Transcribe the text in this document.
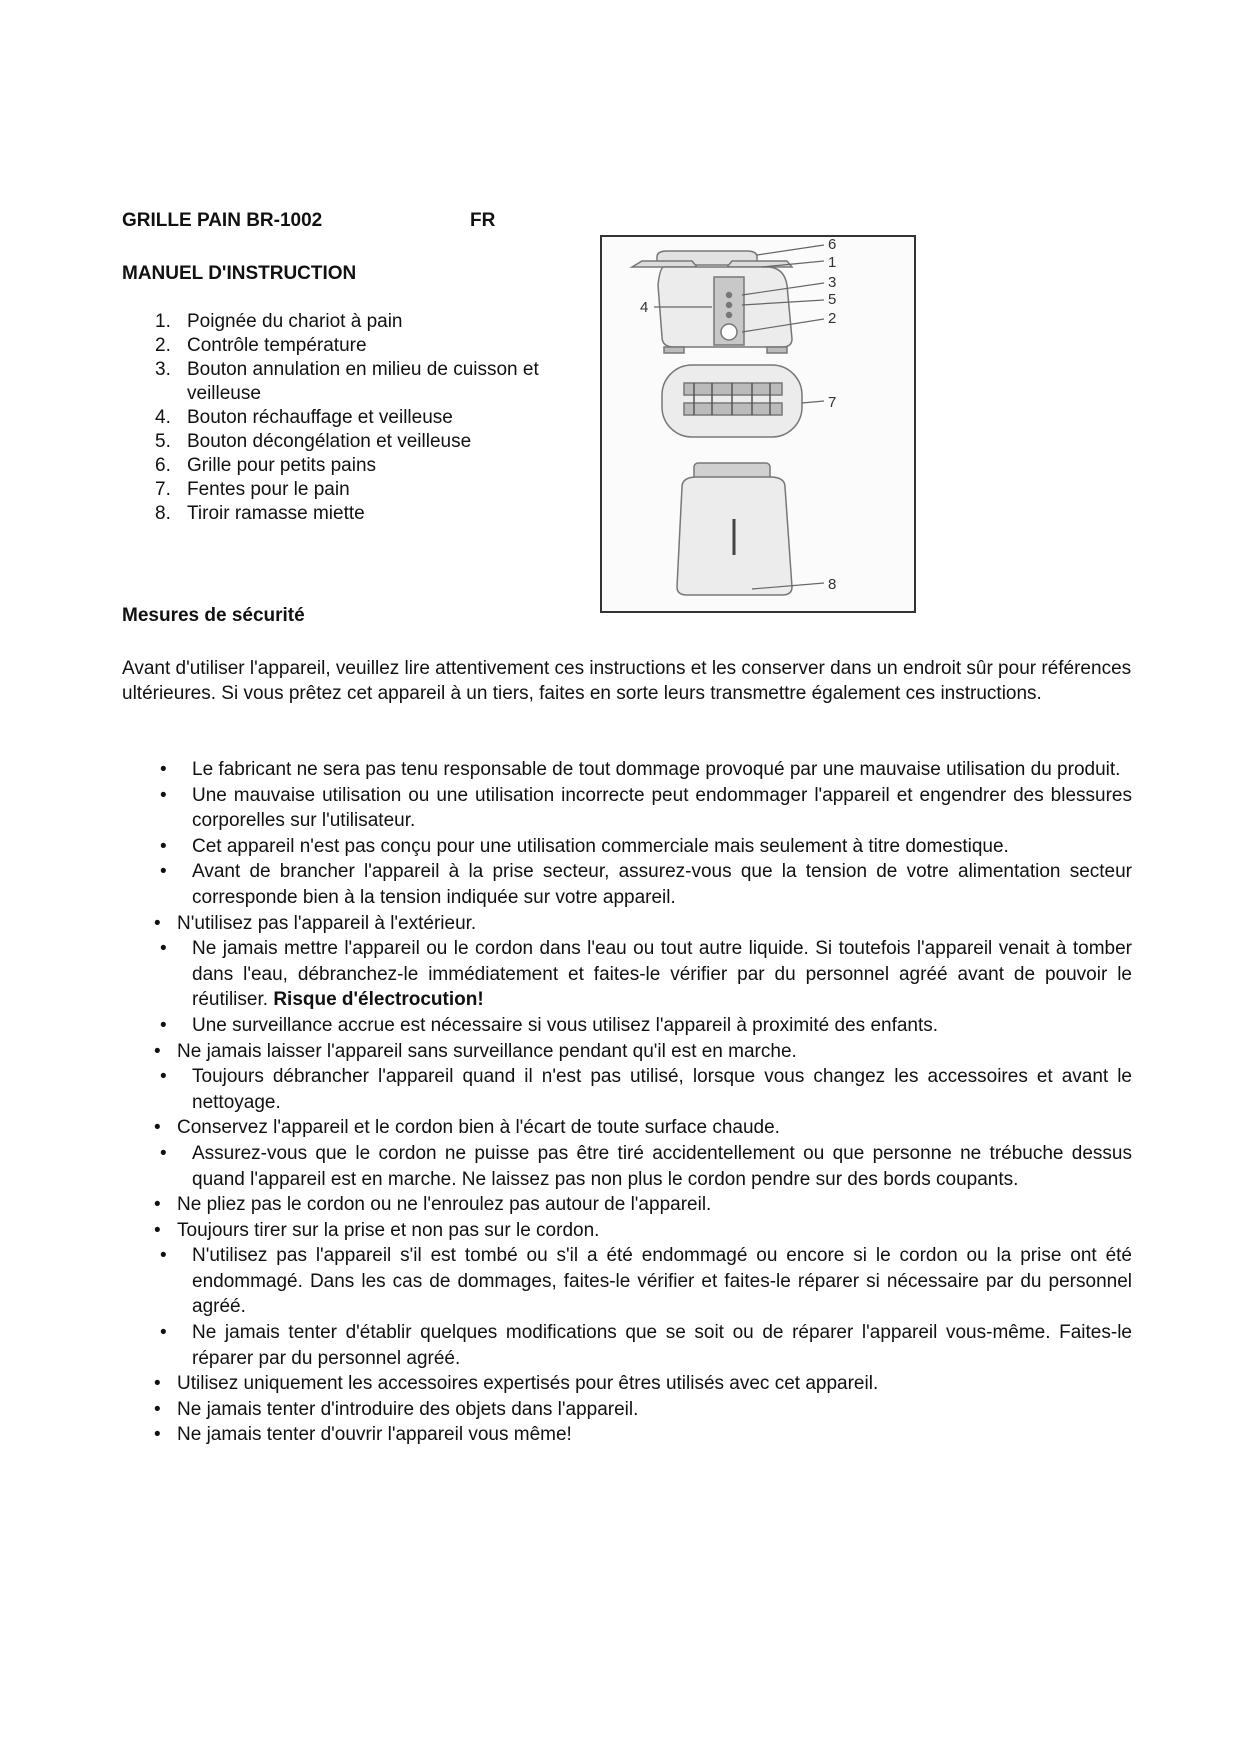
GRILLE PAIN BR-1002	FR
MANUEL D'INSTRUCTION
1. Poignée du chariot à pain
2. Contrôle température
3. Bouton annulation en milieu de cuisson et veilleuse
4. Bouton réchauffage et veilleuse
5. Bouton décongélation et veilleuse
6. Grille pour petits pains
7. Fentes pour le pain
8. Tiroir ramasse miette
6
1
3
5
2
4
7
8
Mesures de sécurité
Avant d'utiliser l'appareil, veuillez lire attentivement ces instructions et les conserver dans un endroit sûr pour références ultérieures. Si vous prêtez cet appareil à un tiers, faites en sorte leurs transmettre également ces instructions.
• Le fabricant ne sera pas tenu responsable de tout dommage provoqué par une mauvaise utilisation du produit.
• Une mauvaise utilisation ou une utilisation incorrecte peut endommager l'appareil et engendrer des blessures corporelles sur l'utilisateur.
• Cet appareil n'est pas conçu pour une utilisation commerciale mais seulement à titre domestique.
• Avant de brancher l'appareil à la prise secteur, assurez-vous que la tension de votre alimentation secteur corresponde bien à la tension indiquée sur votre appareil.
• N'utilisez pas l'appareil à l'extérieur.
• Ne jamais mettre l'appareil ou le cordon dans l'eau ou tout autre liquide. Si toutefois l'appareil venait à tomber dans l'eau, débranchez-le immédiatement et faites-le vérifier par du personnel agréé avant de pouvoir le réutiliser. Risque d'électrocution!
• Une surveillance accrue est nécessaire si vous utilisez l'appareil à proximité des enfants.
• Ne jamais laisser l'appareil sans surveillance pendant qu'il est en marche.
• Toujours débrancher l'appareil quand il n'est pas utilisé, lorsque vous changez les accessoires et avant le nettoyage.
• Conservez l'appareil et le cordon bien à l'écart de toute surface chaude.
• Assurez-vous que le cordon ne puisse pas être tiré accidentellement ou que personne ne trébuche dessus quand l'appareil est en marche. Ne laissez pas non plus le cordon pendre sur des bords coupants.
• Ne pliez pas le cordon ou ne l'enroulez pas autour de l'appareil.
• Toujours tirer sur la prise et non pas sur le cordon.
• N'utilisez pas l'appareil s'il est tombé ou s'il a été endommagé ou encore si le cordon ou la prise ont été endommagé. Dans les cas de dommages, faites-le vérifier et faites-le réparer si nécessaire par du personnel agréé.
• Ne jamais tenter d'établir quelques modifications que se soit ou de réparer l'appareil vous-même. Faites-le réparer par du personnel agréé.
• Utilisez uniquement les accessoires expertisés pour êtres utilisés avec cet appareil.
• Ne jamais tenter d'introduire des objets dans l'appareil.
• Ne jamais tenter d'ouvrir l'appareil vous même!
